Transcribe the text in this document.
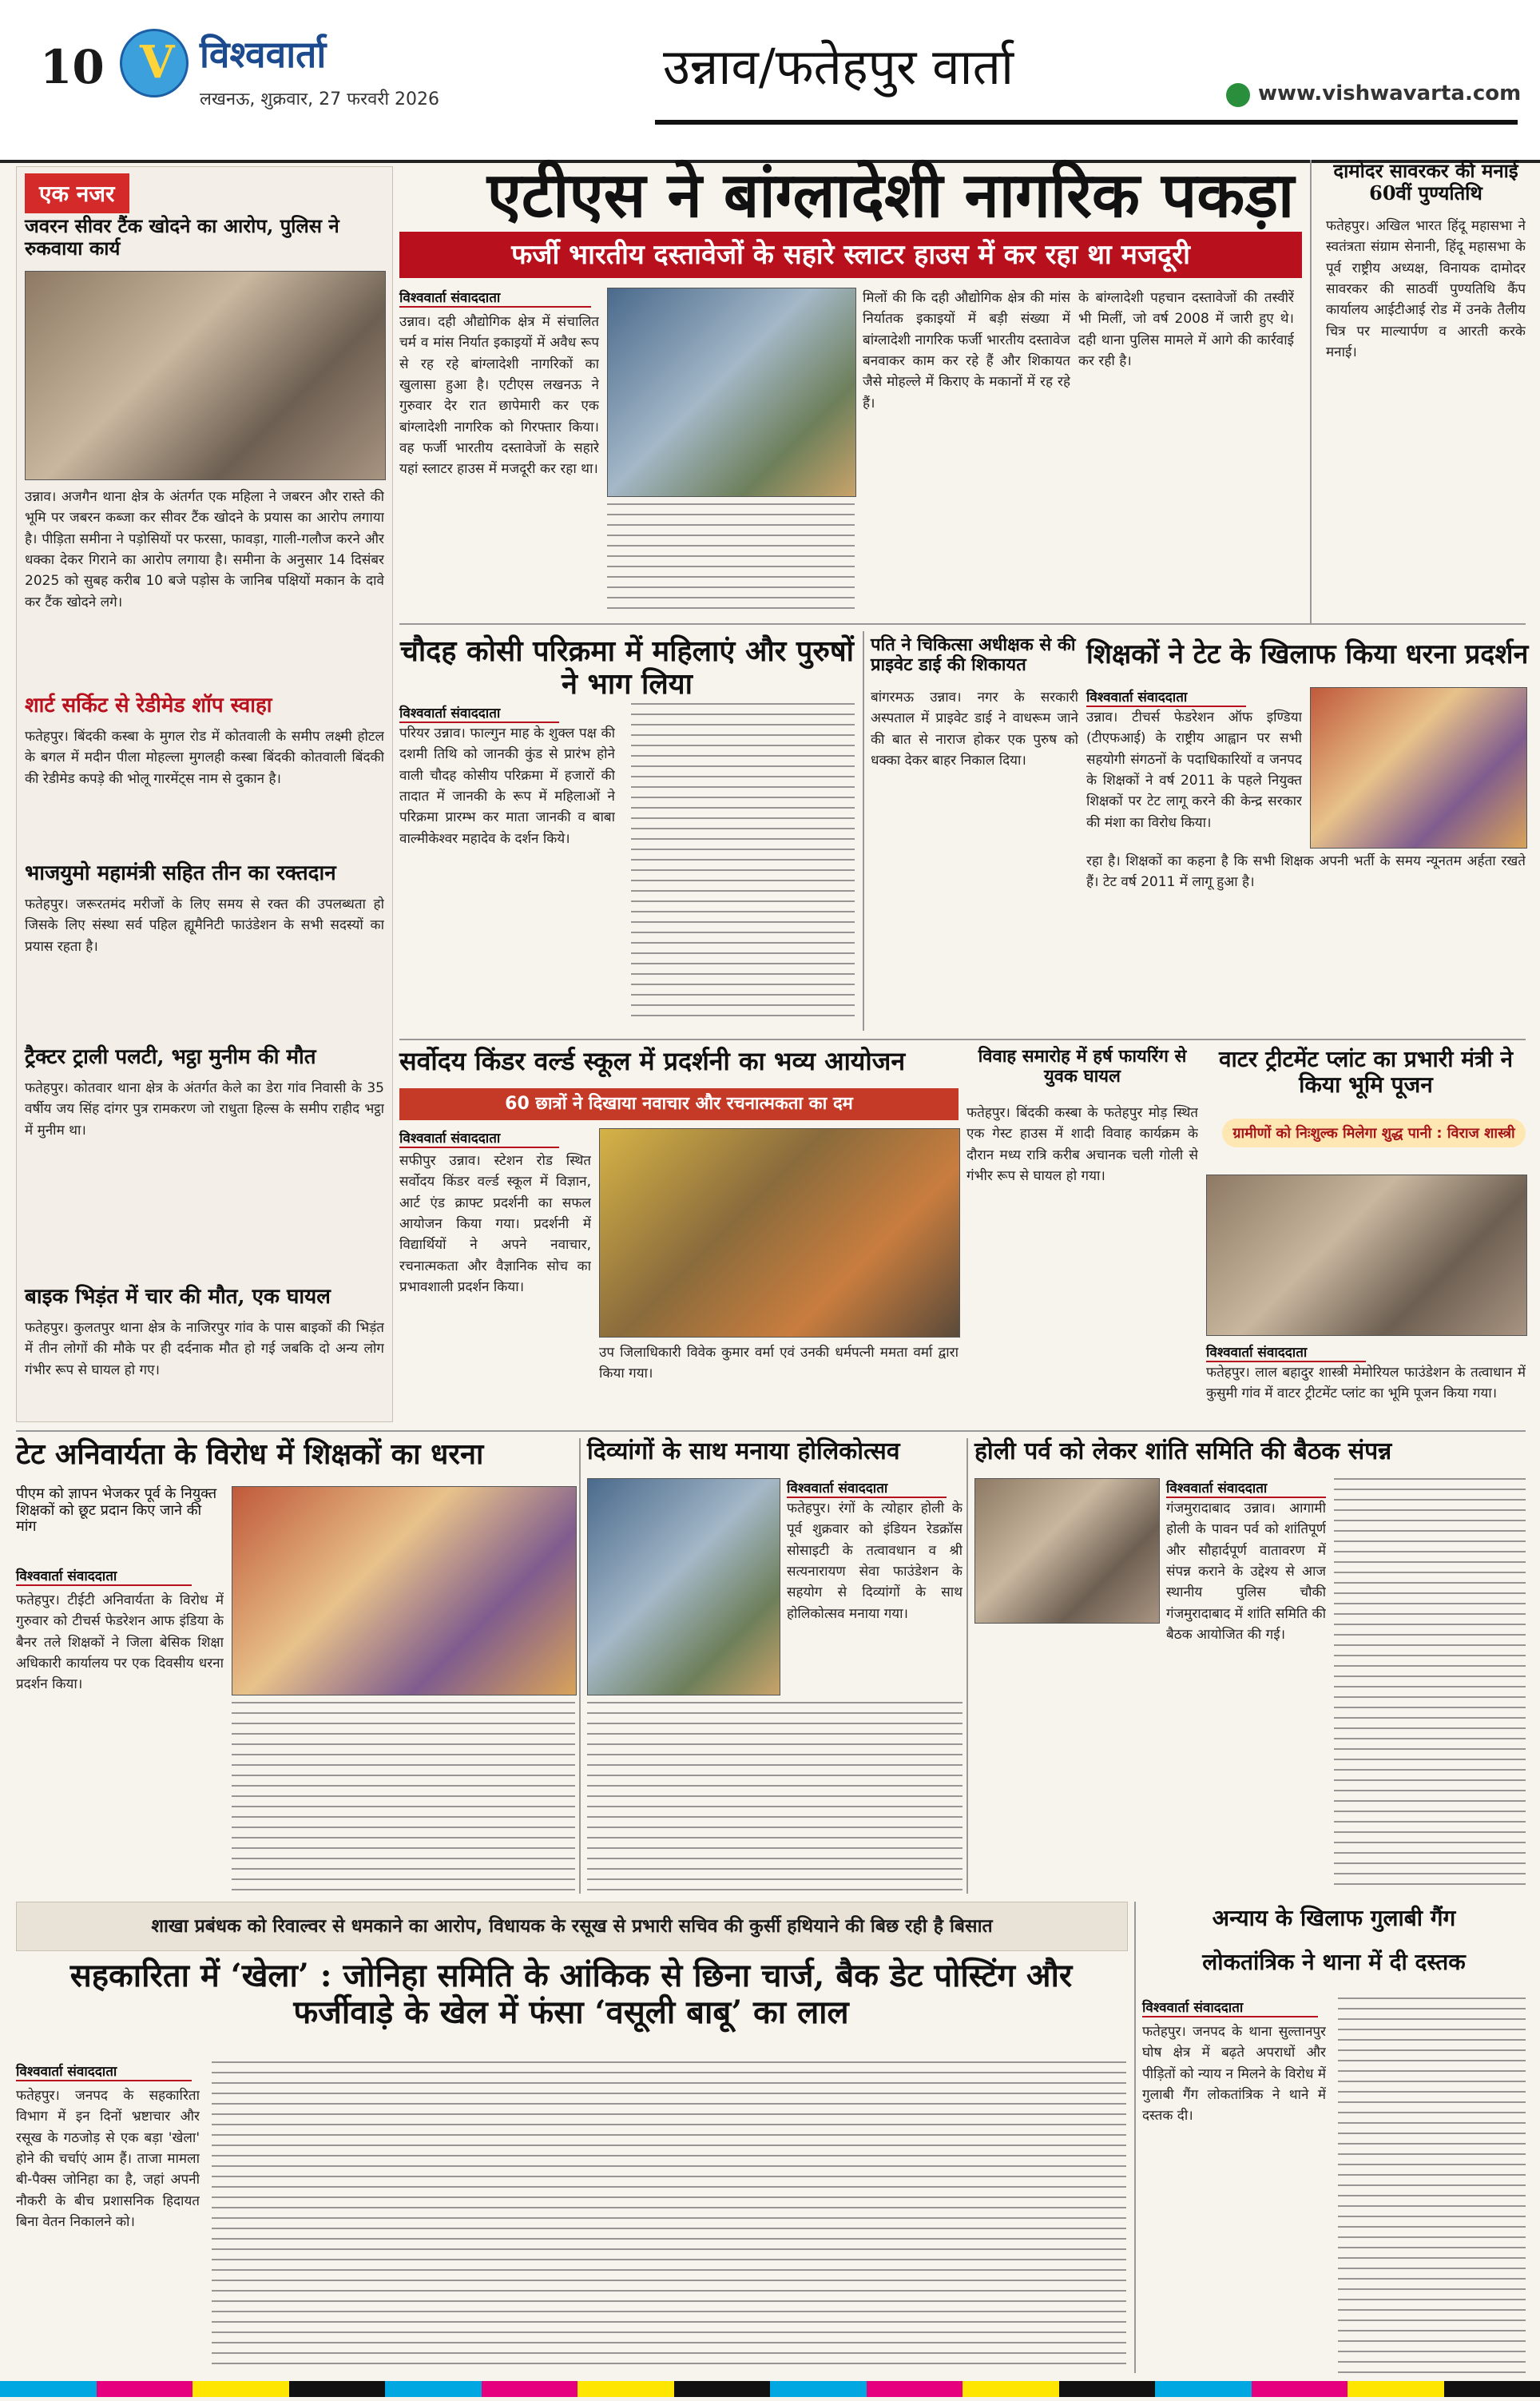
10
V	विश्ववार्ता
लखनऊ, शुक्रवार, 27 फरवरी 2026
उन्नाव/फतेहपुर वार्ता	www.vishwavarta.com
एक नजर
जवरन सीवर टैंक खोदने का आरोप, पुलिस ने रुकवाया कार्य
उन्नाव। अजगैन थाना क्षेत्र के अंतर्गत एक महिला ने जबरन और रास्ते की भूमि पर जबरन कब्जा कर सीवर टैंक खोदने के प्रयास का आरोप लगाया है। पीड़िता समीना ने पड़ोसियों पर फरसा, फावड़ा, गाली-गलौज करने और धक्का देकर गिराने का आरोप लगाया है। समीना के अनुसार 14 दिसंबर 2025 को सुबह करीब 10 बजे पड़ोस के जानिब पक्षियों मकान के दावे कर टैंक खोदने लगे।
शार्ट सर्किट से रेडीमेड शॉप स्वाहा
फतेहपुर। बिंदकी कस्बा के मुगल रोड में कोतवाली के समीप लक्ष्मी होटल के बगल में मदीन पीला मोहल्ला मुगलही कस्बा बिंदकी कोतवाली बिंदकी की रेडीमेड कपड़े की भोलू गारमेंट्स नाम से दुकान है।
भाजयुमो महामंत्री सहित तीन का रक्तदान
फतेहपुर। जरूरतमंद मरीजों के लिए समय से रक्त की उपलब्धता हो जिसके लिए संस्था सर्व पहिल ह्यूमैनिटी फाउंडेशन के सभी सदस्यों का प्रयास रहता है।
ट्रैक्टर ट्राली पलटी, भट्ठा मुनीम की मौत
फतेहपुर। कोतवार थाना क्षेत्र के अंतर्गत केले का डेरा गांव निवासी के 35 वर्षीय जय सिंह दांगर पुत्र रामकरण जो राधुता हिल्स के समीप राहीद भट्ठा में मुनीम था।
बाइक भिड़ंत में चार की मौत, एक घायल
फतेहपुर। कुलतपुर थाना क्षेत्र के नाजिरपुर गांव के पास बाइकों की भिड़ंत में तीन लोगों की मौके पर ही दर्दनाक मौत हो गई जबकि दो अन्य लोग गंभीर रूप से घायल हो गए।
एटीएस ने बांग्लादेशी नागरिक पकड़ा
फर्जी भारतीय दस्तावेजों के सहारे स्लाटर हाउस में कर रहा था मजदूरी
विश्ववार्ता संवाददाता
उन्नाव। दही औद्योगिक क्षेत्र में संचालित चर्म व मांस निर्यात इकाइयों में अवैध रूप से रह रहे बांग्लादेशी नागरिकों का खुलासा हुआ है। एटीएस लखनऊ ने गुरुवार देर रात छापेमारी कर एक बांग्लादेशी नागरिक को गिरफ्तार किया। वह फर्जी भारतीय दस्तावेजों के सहारे यहां स्लाटर हाउस में मजदूरी कर रहा था।
मिलों की कि दही औद्योगिक क्षेत्र की मांस निर्यातक इकाइयों में बड़ी संख्या में बांग्लादेशी नागरिक फर्जी भारतीय दस्तावेज बनवाकर काम कर रहे हैं और शिकायत जैसे मोहल्ले में किराए के मकानों में रह रहे हैं।
के बांग्लादेशी पहचान दस्तावेजों की तस्वीरें भी मिलीं, जो वर्ष 2008 में जारी हुए थे। दही थाना पुलिस मामले में आगे की कार्रवाई कर रही है।
दामोदर सावरकर की मनाई 60वीं पुण्यतिथि
फतेहपुर। अखिल भारत हिंदू महासभा ने स्वतंत्रता संग्राम सेनानी, हिंदू महासभा के पूर्व राष्ट्रीय अध्यक्ष, विनायक दामोदर सावरकर की साठवीं पुण्यतिथि कैंप कार्यालय आईटीआई रोड में उनके तैलीय चित्र पर माल्यार्पण व आरती करके मनाई।
चौदह कोसी परिक्रमा में महिलाएं और पुरुषों ने भाग लिया
विश्ववार्ता संवाददाता
परियर उन्नाव। फाल्गुन माह के शुक्ल पक्ष की दशमी तिथि को जानकी कुंड से प्रारंभ होने वाली चौदह कोसीय परिक्रमा में हजारों की तादात में जानकी के रूप में महिलाओं ने परिक्रमा प्रारम्भ कर माता जानकी व बाबा वाल्मीकेश्वर महादेव के दर्शन किये।
पति ने चिकित्सा अधीक्षक से की प्राइवेट डाई की शिकायत
बांगरमऊ उन्नाव। नगर के सरकारी अस्पताल में प्राइवेट डाई ने वाधरूम जाने की बात से नाराज होकर एक पुरुष को धक्का देकर बाहर निकाल दिया।
शिक्षकों ने टेट के खिलाफ किया धरना प्रदर्शन
विश्ववार्ता संवाददाता
उन्नाव। टीचर्स फेडरेशन ऑफ इण्डिया (टीएफआई) के राष्ट्रीय आह्वान पर सभी सहयोगी संगठनों के पदाधिकारियों व जनपद के शिक्षकों ने वर्ष 2011 के पहले नियुक्त शिक्षकों पर टेट लागू करने की केन्द्र सरकार की मंशा का विरोध किया।
रहा है। शिक्षकों का कहना है कि सभी शिक्षक अपनी भर्ती के समय न्यूनतम अर्हता रखते हैं। टेट वर्ष 2011 में लागू हुआ है।
सर्वोदय किंडर वर्ल्ड स्कूल में प्रदर्शनी का भव्य आयोजन
60 छात्रों ने दिखाया नवाचार और रचनात्मकता का दम
विश्ववार्ता संवाददाता
सफीपुर उन्नाव। स्टेशन रोड स्थित सर्वोदय किंडर वर्ल्ड स्कूल में विज्ञान, आर्ट एंड क्राफ्ट प्रदर्शनी का सफल आयोजन किया गया। प्रदर्शनी में विद्यार्थियों ने अपने नवाचार, रचनात्मकता और वैज्ञानिक सोच का प्रभावशाली प्रदर्शन किया।
उप जिलाधिकारी विवेक कुमार वर्मा एवं उनकी धर्मपत्नी ममता वर्मा द्वारा किया गया।
विवाह समारोह में हर्ष फायरिंग से युवक घायल
फतेहपुर। बिंदकी कस्बा के फतेहपुर मोड़ स्थित एक गेस्ट हाउस में शादी विवाह कार्यक्रम के दौरान मध्य रात्रि करीब अचानक चली गोली से गंभीर रूप से घायल हो गया।
वाटर ट्रीटमेंट प्लांट का प्रभारी मंत्री ने किया भूमि पूजन
ग्रामीणों को निःशुल्क मिलेगा शुद्ध पानी : विराज शास्त्री
विश्ववार्ता संवाददाता
फतेहपुर। लाल बहादुर शास्त्री मेमोरियल फाउंडेशन के तत्वाधान में कुसुमी गांव में वाटर ट्रीटमेंट प्लांट का भूमि पूजन किया गया।
टेट अनिवार्यता के विरोध में शिक्षकों का धरना
पीएम को ज्ञापन भेजकर पूर्व के नियुक्त शिक्षकों को छूट प्रदान किए जाने की मांग
विश्ववार्ता संवाददाता
फतेहपुर। टीईटी अनिवार्यता के विरोध में गुरुवार को टीचर्स फेडरेशन आफ इंडिया के बैनर तले शिक्षकों ने जिला बेसिक शिक्षा अधिकारी कार्यालय पर एक दिवसीय धरना प्रदर्शन किया।
दिव्यांगों के साथ मनाया होलिकोत्सव
विश्ववार्ता संवाददाता
फतेहपुर। रंगों के त्योहार होली के पूर्व शुक्रवार को इंडियन रेडक्रॉस सोसाइटी के तत्वावधान व श्री सत्यनारायण सेवा फाउंडेशन के सहयोग से दिव्यांगों के साथ होलिकोत्सव मनाया गया।
होली पर्व को लेकर शांति समिति की बैठक संपन्न
विश्ववार्ता संवाददाता
गंजमुरादाबाद उन्नाव। आगामी होली के पावन पर्व को शांतिपूर्ण और सौहार्दपूर्ण वातावरण में संपन्न कराने के उद्देश्य से आज स्थानीय पुलिस चौकी गंजमुरादाबाद में शांति समिति की बैठक आयोजित की गई।
शाखा प्रबंधक को रिवाल्वर से धमकाने का आरोप, विधायक के रसूख से प्रभारी सचिव की कुर्सी हथियाने की बिछ रही है बिसात
सहकारिता में ‘खेला’ : जोनिहा समिति के आंकिक से छिना चार्ज, बैक डेट पोस्टिंग और फर्जीवाड़े के खेल में फंसा ‘वसूली बाबू’ का लाल
विश्ववार्ता संवाददाता
फतेहपुर। जनपद के सहकारिता विभाग में इन दिनों भ्रष्टाचार और रसूख के गठजोड़ से एक बड़ा 'खेला' होने की चर्चाएं आम हैं। ताजा मामला बी-पैक्स जोनिहा का है, जहां अपनी नौकरी के बीच प्रशासनिक हिदायत बिना वेतन निकालने को।
अन्याय के खिलाफ गुलाबी गैंग
लोकतांत्रिक ने थाना में दी दस्तक
विश्ववार्ता संवाददाता
फतेहपुर। जनपद के थाना सुल्तानपुर घोष क्षेत्र में बढ़ते अपराधों और पीड़ितों को न्याय न मिलने के विरोध में गुलाबी गैंग लोकतांत्रिक ने थाने में दस्तक दी।
